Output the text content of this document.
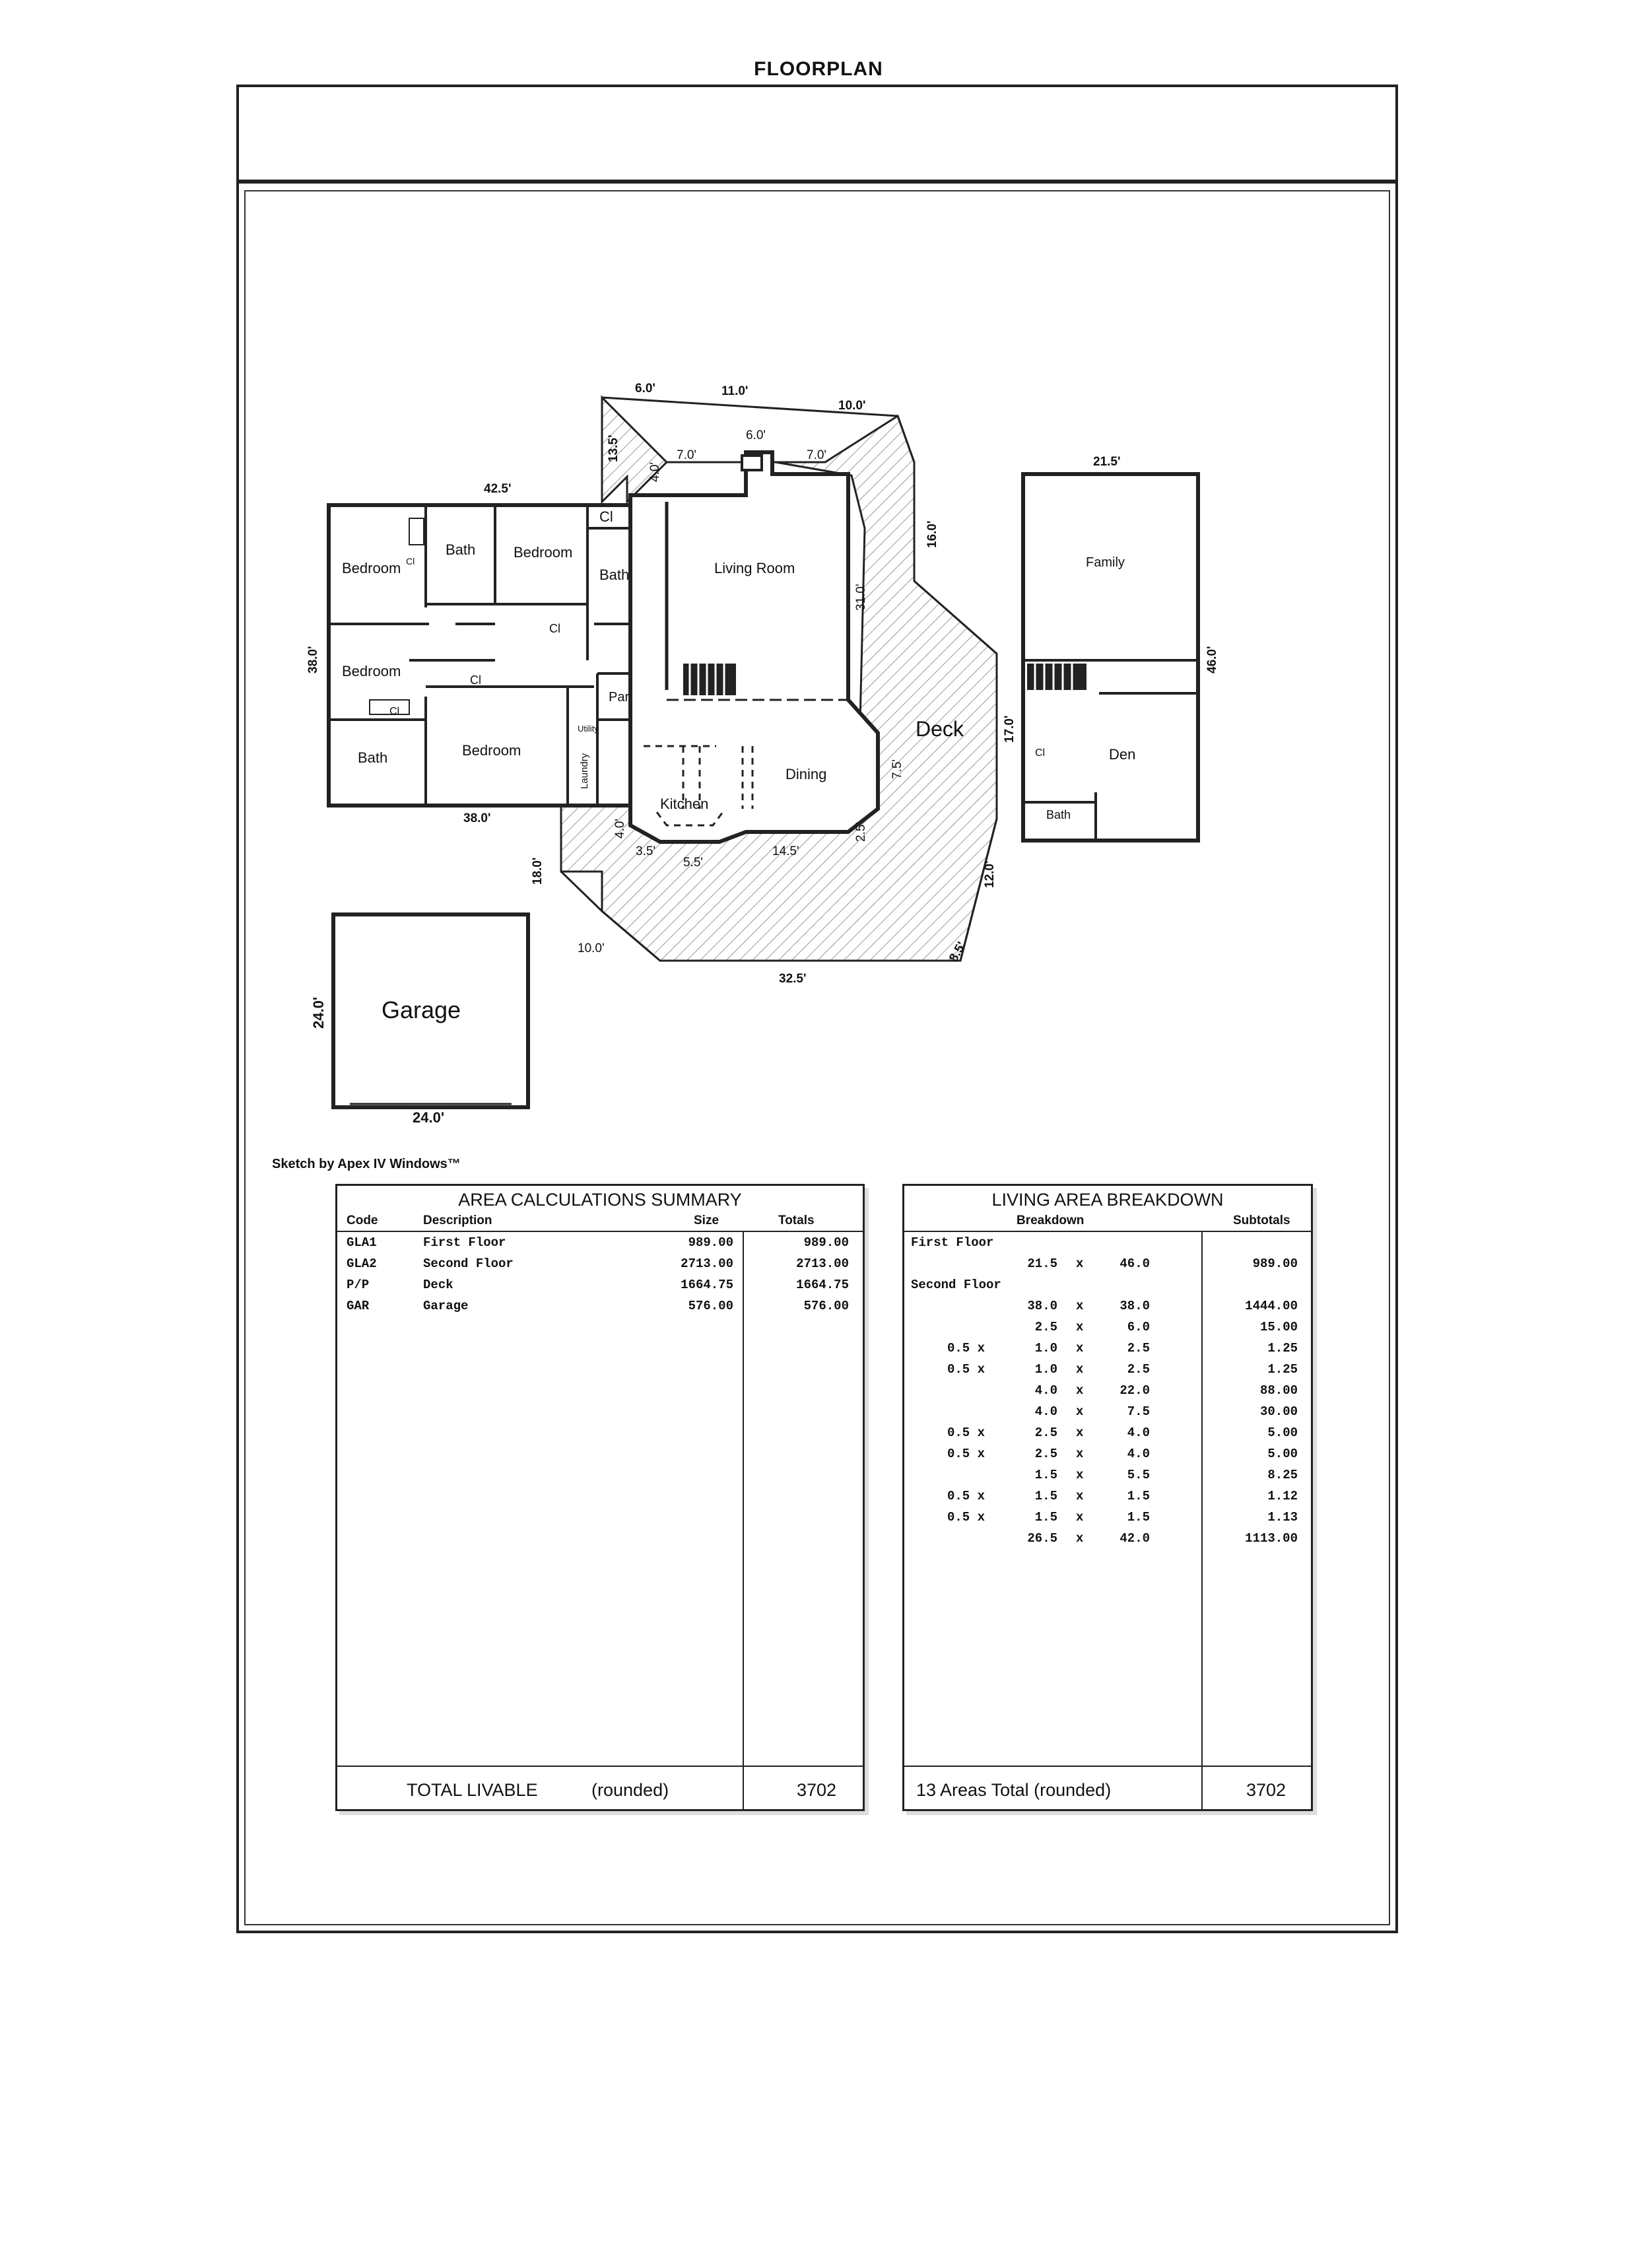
FLOORPLAN
Bedroom
Bath	Bedroom
Cl
Bath
Cl
Cl
Bedroom
Cl
Cl
Bath	Bedroom
Par
Utility
Laundry
Living Room
Kitchen
Dining
Deck
Family
Den
Cl
Bath
Garage
6.0'	11.0'
10.0'
13.5'
4.0'
7.0'
6.0'
7.0'
42.5'
16.0'
31.0'
38.0'
38.0'
17.0'
7.5'
4.0'
3.5'
5.5'
14.5'
2.5'
18.0'	12.0'
10.0'
32.5'
8.5'
21.5'
46.0'
24.0'
24.0'
Sketch by Apex IV Windows™
AREA CALCULATIONS SUMMARY
Code	Description	Size	Totals
GLA1	First Floor	989.00	989.00
GLA2	Second Floor	2713.00	2713.00
P/P	Deck	1664.75	1664.75
GAR	Garage	576.00	576.00
TOTAL LIVABLE	(rounded)	3702
LIVING AREA BREAKDOWN
Breakdown	Subtotals
First Floor
21.5 x	46.0	989.00
Second Floor
38.0 x	38.0	1444.00
2.5 x	6.0	15.00
0.5 x	1.0 x	2.5	1.25
0.5 x	1.0 x	2.5	1.25
4.0 x	22.0	88.00
4.0 x	7.5	30.00
0.5 x	2.5 x	4.0	5.00
0.5 x	2.5 x	4.0	5.00
1.5 x	5.5	8.25
0.5 x	1.5 x	1.5	1.12
0.5 x	1.5 x	1.5	1.13
26.5 x	42.0	1113.00
13 Areas Total (rounded)	3702
